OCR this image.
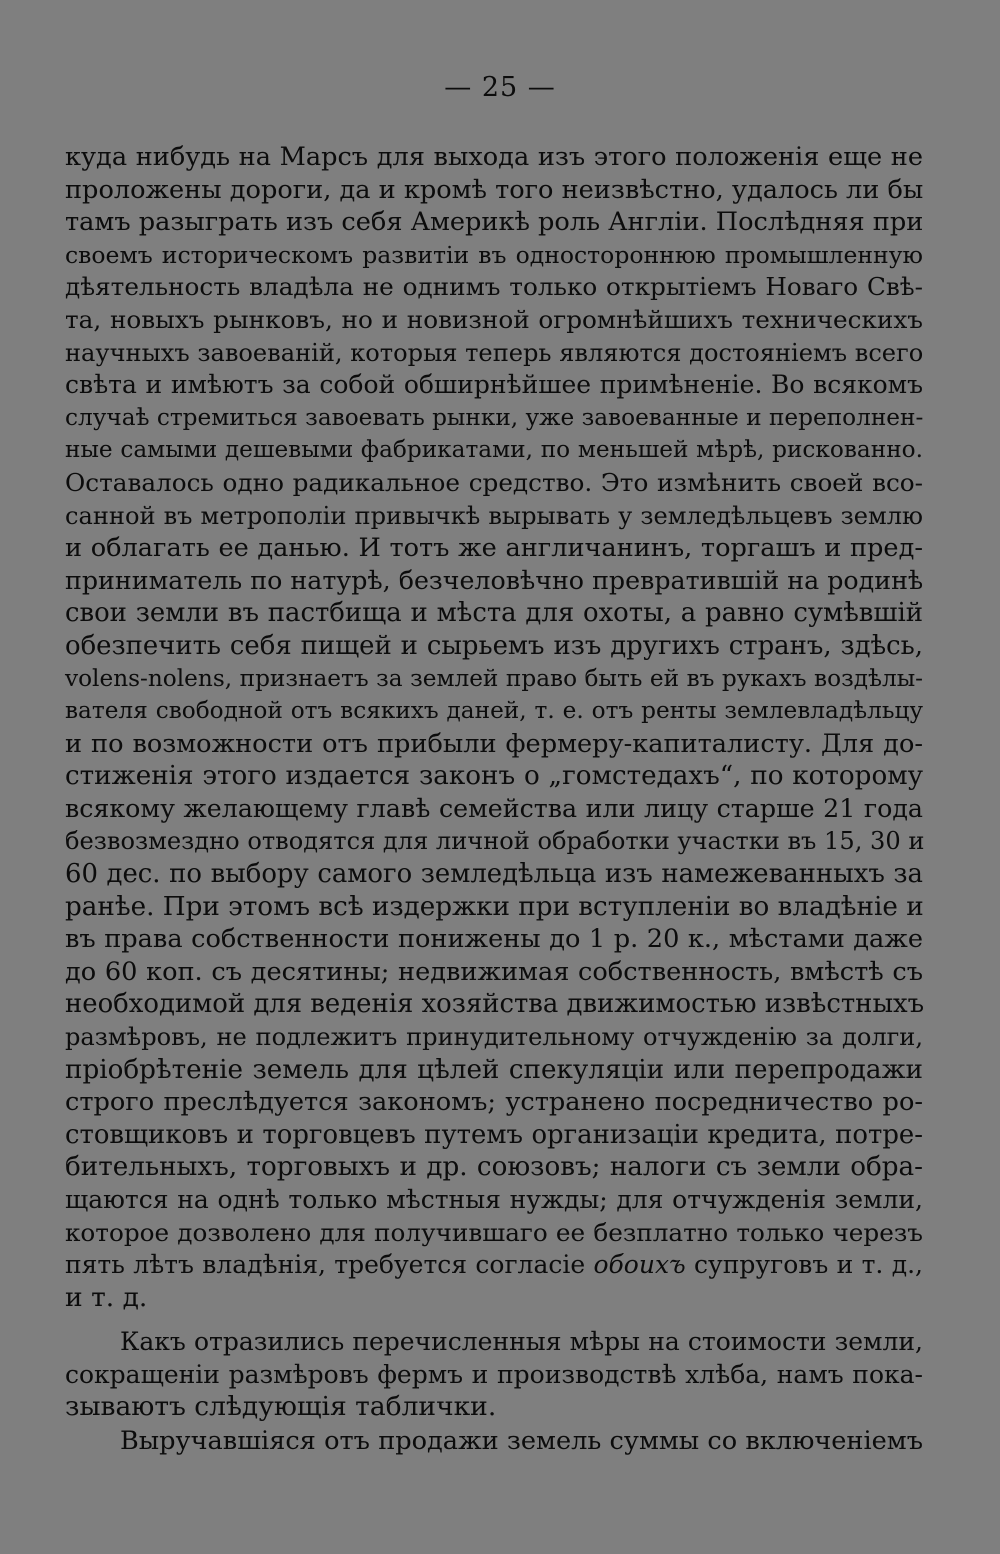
— 25 —
куда нибудь на Марсъ для выхода изъ этого положенія еще не
проложены дороги, да и кромѣ того неизвѣстно, удалось ли бы
тамъ разыграть изъ себя Америкѣ роль Англіи. Послѣдняя при
своемъ историческомъ развитіи въ одностороннюю промышленную
дѣятельность владѣла не однимъ только открытіемъ Новаго Свѣ-
та, новыхъ рынковъ, но и новизной огромнѣйшихъ техническихъ
научныхъ завоеваній, которыя теперь являются достояніемъ всего
свѣта и имѣютъ за собой обширнѣйшее примѣненіе. Во всякомъ
случаѣ стремиться завоевать рынки, уже завоеванные и переполнен-
ные самыми дешевыми фабрикатами, по меньшей мѣрѣ, рискованно.
Оставалось одно радикальное средство. Это измѣнить своей всо-
санной въ метрополіи привычкѣ вырывать у земледѣльцевъ землю
и облагать ее данью. И тотъ же англичанинъ, торгашъ и пред-
приниматель по натурѣ, безчеловѣчно превратившій на родинѣ
свои земли въ пастбища и мѣста для охоты, а равно сумѣвшій
обезпечить себя пищей и сырьемъ изъ другихъ странъ, здѣсь,
volens-nolens, признаетъ за землей право быть ей въ рукахъ воздѣлы-
вателя свободной отъ всякихъ даней, т. е. отъ ренты землевладѣльцу
и по возможности отъ прибыли фермеру-капиталисту. Для до-
стиженія этого издается законъ о „гомстедахъ“, по которому
всякому желающему главѣ семейства или лицу старше 21 года
безвозмездно отводятся для личной обработки участки въ 15, 30 и
60 дес. по выбору самого земледѣльца изъ намежеванныхъ за
ранѣе. При этомъ всѣ издержки при вступленіи во владѣніе и
въ права собственности понижены до 1 р. 20 к., мѣстами даже
до 60 коп. съ десятины; недвижимая собственность, вмѣстѣ съ
необходимой для веденія хозяйства движимостью извѣстныхъ
размѣровъ, не подлежитъ принудительному отчужденію за долги,
пріобрѣтеніе земель для цѣлей спекуляціи или перепродажи
строго преслѣдуется закономъ; устранено посредничество ро-
стовщиковъ и торговцевъ путемъ организаціи кредита, потре-
бительныхъ, торговыхъ и др. союзовъ; налоги съ земли обра-
щаются на однѣ только мѣстныя нужды; для отчужденія земли,
которое дозволено для получившаго ее безплатно только черезъ
пять лѣтъ владѣнія, требуется согласіе обоихъ супруговъ и т. д.,
и т. д.
Какъ отразились перечисленныя мѣры на стоимости земли,
сокращеніи размѣровъ фермъ и производствѣ хлѣба, намъ пока-
зываютъ слѣдующія таблички.
Выручавшіяся отъ продажи земель суммы со включеніемъ
